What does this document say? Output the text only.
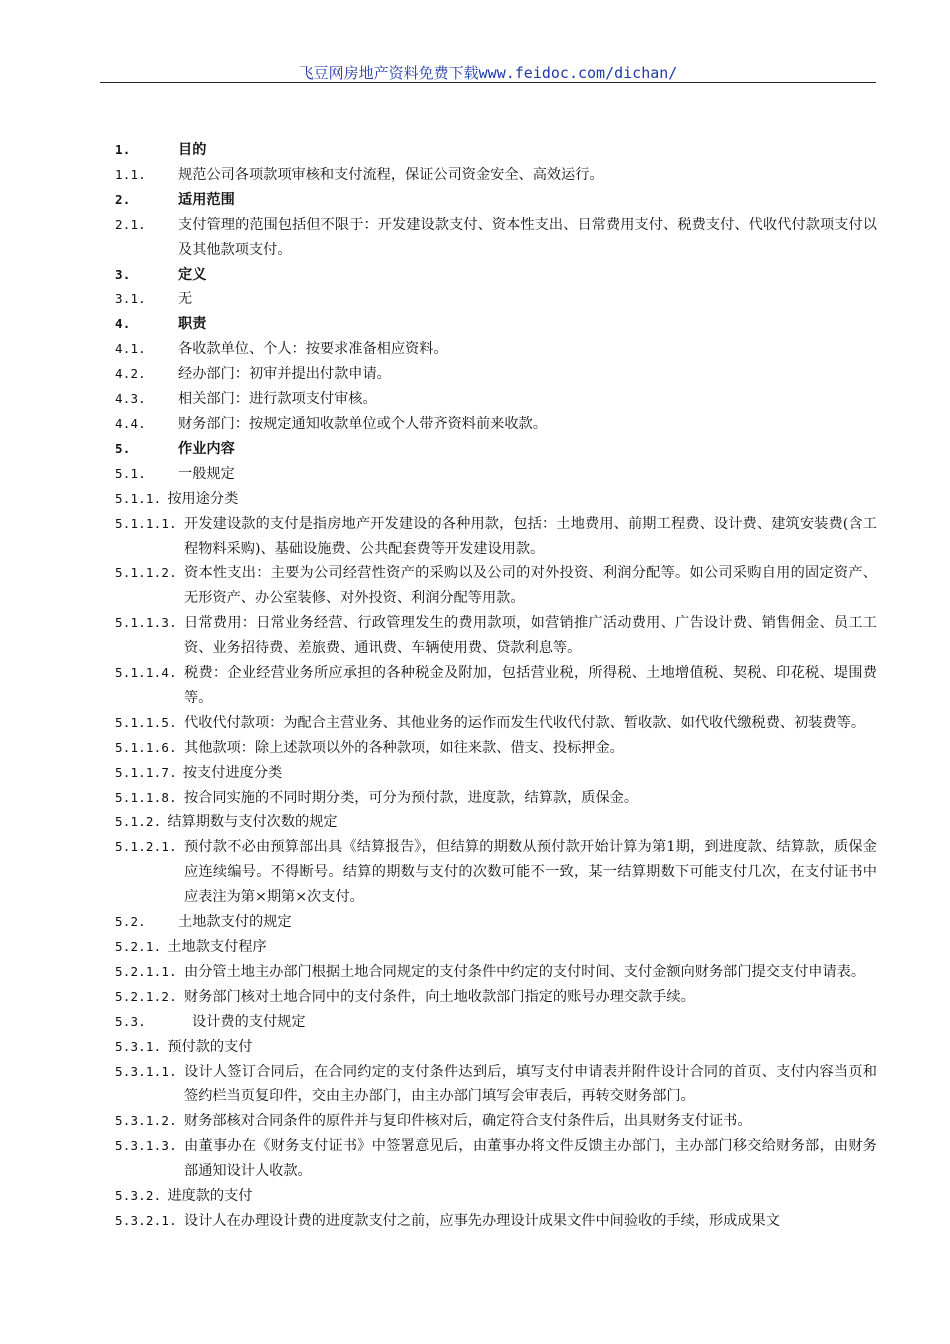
飞豆网房地产资料免费下载www.feidoc.com/dichan/
1.	目的
1.1.	规范公司各项款项审核和支付流程，保证公司资金安全、高效运行。
2.	适用范围
2.1.	支付管理的范围包括但不限于：开发建设款支付、资本性支出、日常费用支付、税费支付、代收代付款项支付以及其他款项支付。
3.	定义
3.1.	无
4.	职责
4.1.	各收款单位、个人：按要求准备相应资料。
4.2.	经办部门：初审并提出付款申请。
4.3.	相关部门：进行款项支付审核。
4.4.	财务部门：按规定通知收款单位或个人带齐资料前来收款。
5.	作业内容
5.1.	一般规定
5.1.1. 按用途分类
5.1.1.1. 开发建设款的支付是指房地产开发建设的各种用款，包括：土地费用、前期工程费、设计费、建筑安装费(含工程物料采购)、基础设施费、公共配套费等开发建设用款。
5.1.1.2. 资本性支出：主要为公司经营性资产的采购以及公司的对外投资、利润分配等。如公司采购自用的固定资产、无形资产、办公室装修、对外投资、利润分配等用款。
5.1.1.3. 日常费用：日常业务经营、行政管理发生的费用款项，如营销推广活动费用、广告设计费、销售佣金、员工工资、业务招待费、差旅费、通讯费、车辆使用费、贷款利息等。
5.1.1.4. 税费：企业经营业务所应承担的各种税金及附加，包括营业税，所得税、土地增值税、契税、印花税、堤围费等。
5.1.1.5. 代收代付款项：为配合主营业务、其他业务的运作而发生代收代付款、暂收款、如代收代缴税费、初装费等。
5.1.1.6. 其他款项：除上述款项以外的各种款项，如往来款、借支、投标押金。
5.1.1.7. 按支付进度分类
5.1.1.8. 按合同实施的不同时期分类，可分为预付款，进度款，结算款，质保金。
5.1.2. 结算期数与支付次数的规定
5.1.2.1. 预付款不必由预算部出具《结算报告》，但结算的期数从预付款开始计算为第1期，到进度款、结算款，质保金应连续编号。不得断号。结算的期数与支付的次数可能不一致，某一结算期数下可能支付几次，在支付证书中应表注为第×期第×次支付。
5.2.	土地款支付的规定
5.2.1. 土地款支付程序
5.2.1.1. 由分管土地主办部门根据土地合同规定的支付条件中约定的支付时间、支付金额向财务部门提交支付申请表。
5.2.1.2. 财务部门核对土地合同中的支付条件，向土地收款部门指定的账号办理交款手续。
5.3.	设计费的支付规定
5.3.1. 预付款的支付
5.3.1.1. 设计人签订合同后，在合同约定的支付条件达到后，填写支付申请表并附件设计合同的首页、支付内容当页和签约栏当页复印件，交由主办部门，由主办部门填写会审表后，再转交财务部门。
5.3.1.2. 财务部核对合同条件的原件并与复印件核对后，确定符合支付条件后，出具财务支付证书。
5.3.1.3. 由董事办在《财务支付证书》中签署意见后，由董事办将文件反馈主办部门，主办部门移交给财务部，由财务部通知设计人收款。
5.3.2. 进度款的支付
5.3.2.1. 设计人在办理设计费的进度款支付之前，应事先办理设计成果文件中间验收的手续，形成成果文
